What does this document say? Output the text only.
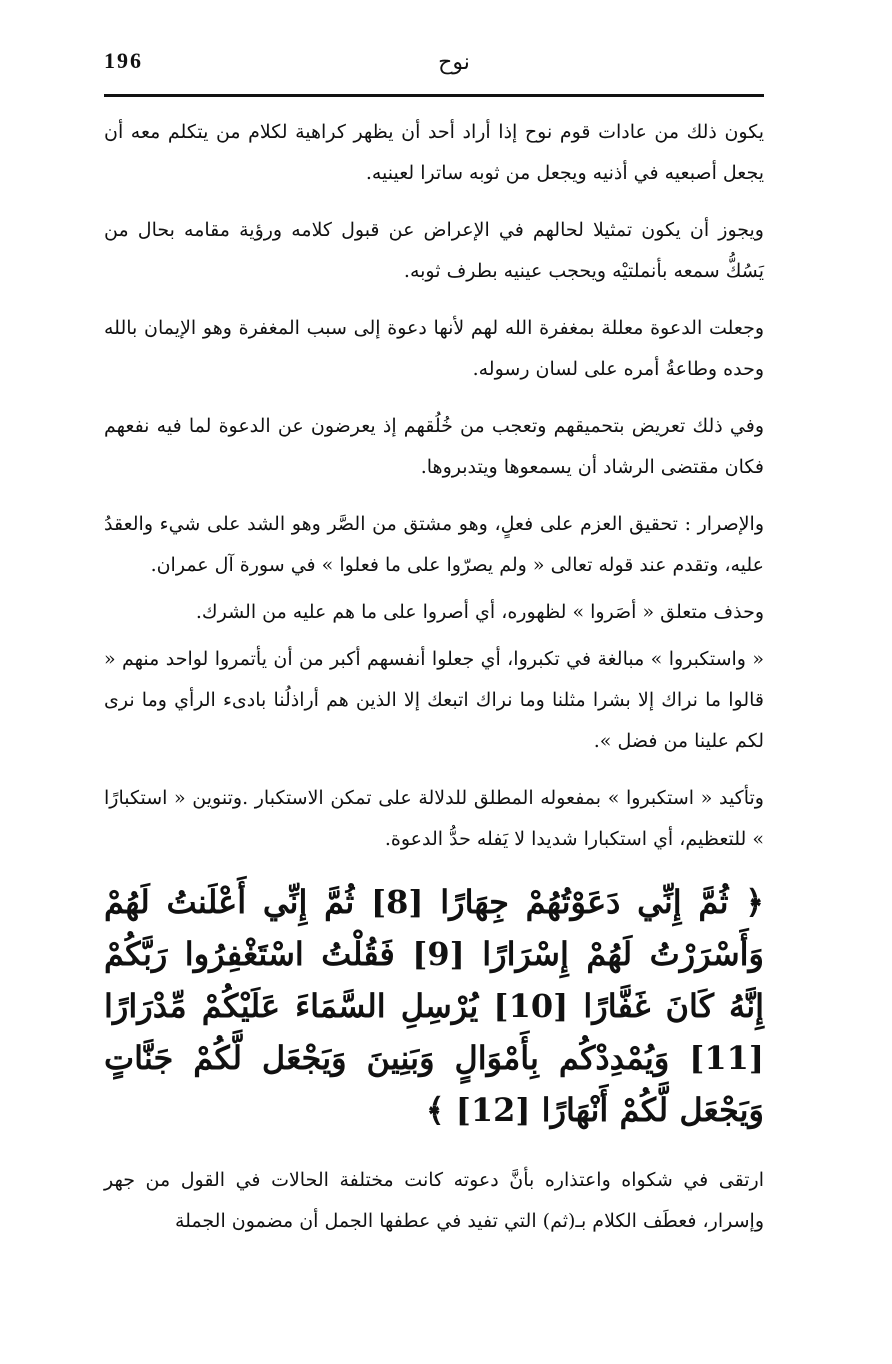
196	نوح

يكون ذلك من عادات قوم نوح إذا أراد أحد أن يظهر كراهية لكلام من يتكلم معه أن يجعل أصبعيه في أذنيه ويجعل من ثوبه ساترا لعينيه.

ويجوز أن يكون تمثيلا لحالهم في الإعراض عن قبول كلامه ورؤية مقامه بحال من يَسُكُّ سمعه بأنملتيْه ويحجب عينيه بطرف ثوبه.

وجعلت الدعوة معللة بمغفرة الله لهم لأنها دعوة إلى سبب المغفرة وهو الإيمان بالله وحده وطاعةُ أمره على لسان رسوله.

وفي ذلك تعريض بتحميقهم وتعجب من خُلُقهم إذ يعرضون عن الدعوة لما فيه نفعهم فكان مقتضى الرشاد أن يسمعوها ويتدبروها.

والإصرار : تحقيق العزم على فعلٍ، وهو مشتق من الصَّر وهو الشد على شيء والعقدُ عليه، وتقدم عند قوله تعالى « ولم يصرّوا على ما فعلوا » في سورة آل عمران.

وحذف متعلق « أصَروا » لظهوره، أي أصروا على ما هم عليه من الشرك.

« واستكبروا » مبالغة في تكبروا، أي جعلوا أنفسهم أكبر من أن يأتمروا لواحد منهم « قالوا ما نراك إلا بشرا مثلنا وما نراك اتبعك إلا الذين هم أراذلُنا بادىء الرأي وما نرى لكم علينا من فضل ».

وتأكيد « استكبروا » بمفعوله المطلق للدلالة على تمكن الاستكبار .وتنوين « استكبارًا » للتعظيم، أي استكبارا شديدا لا يَفله حدُّ الدعوة.

﴿ ثُمَّ إِنِّي دَعَوْتُهُمْ جِهَارًا [8] ثُمَّ إِنِّي أَعْلَنتُ لَهُمْ وَأَسْرَرْتُ لَهُمْ إِسْرَارًا [9] فَقُلْتُ اسْتَغْفِرُوا رَبَّكُمْ إِنَّهُ كَانَ غَفَّارًا [10] يُرْسِلِ السَّمَاءَ عَلَيْكُمْ مِّدْرَارًا [11] وَيُمْدِدْكُم بِأَمْوَالٍ وَبَنِينَ وَيَجْعَل لَّكُمْ جَنَّاتٍ وَيَجْعَل لَّكُمْ أَنْهَارًا [12] ﴾

ارتقى في شكواه واعتذاره بأنَّ دعوته كانت مختلفة الحالات في القول من جهر وإسرار، فعطَف الكلام بـ(ثم) التي تفيد في عطفها الجمل أن مضمون الجملة
